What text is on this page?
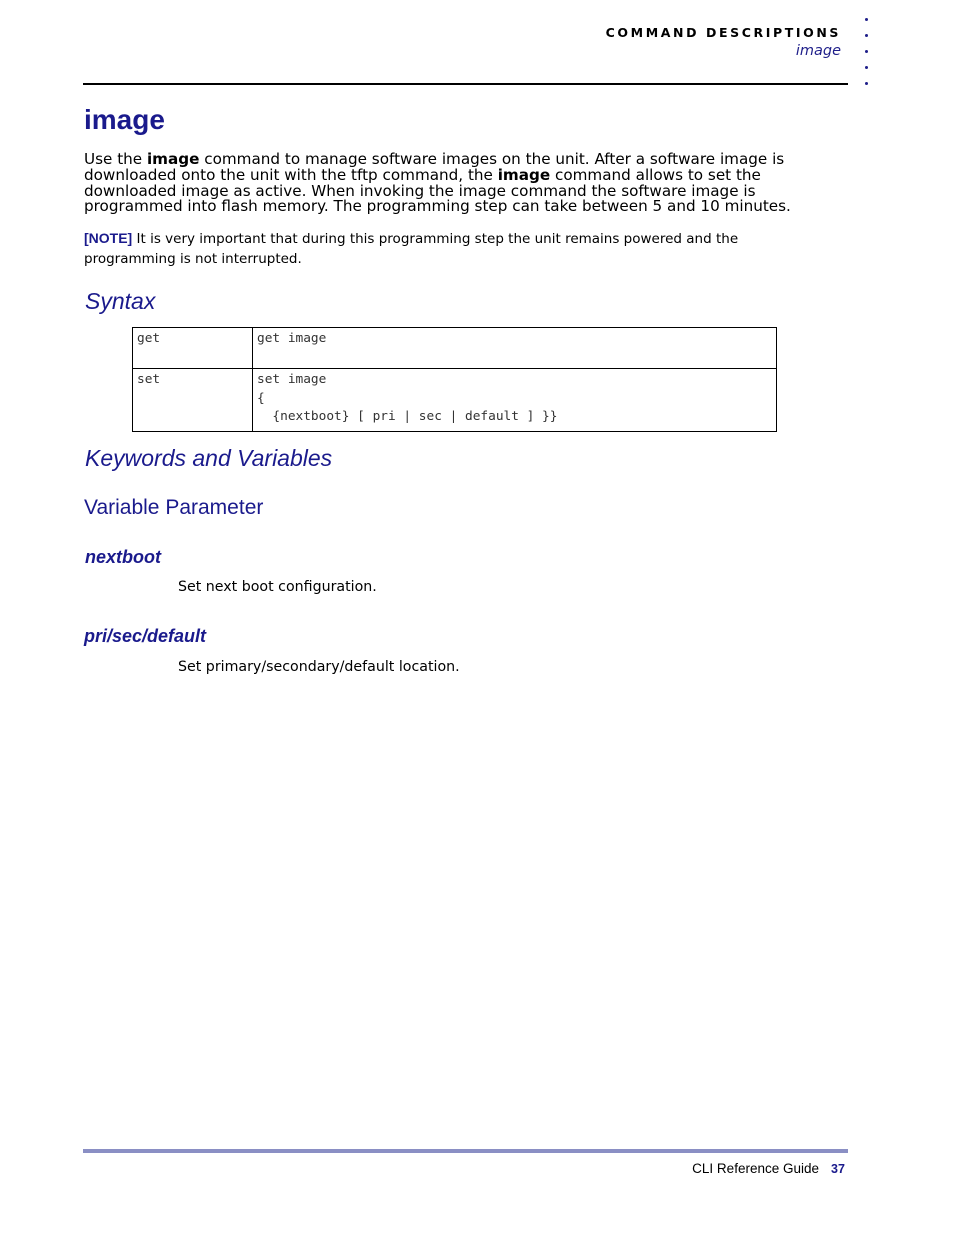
COMMAND DESCRIPTIONS
image
image

Use the image command to manage software images on the unit. After a software image is downloaded onto the unit with the tftp command, the image command allows to set the downloaded image as active. When invoking the image command the software image is programmed into flash memory. The programming step can take between 5 and 10 minutes.

[NOTE] It is very important that during this programming step the unit remains powered and the programming is not interrupted.

Syntax
get	get image

set	set image
{
{nextboot} [ pri | sec | default ] }}
Keywords and Variables
Variable Parameter
nextboot

Set next boot configuration.

pri/sec/default

Set primary/secondary/default location.

CLI Reference Guide 37
